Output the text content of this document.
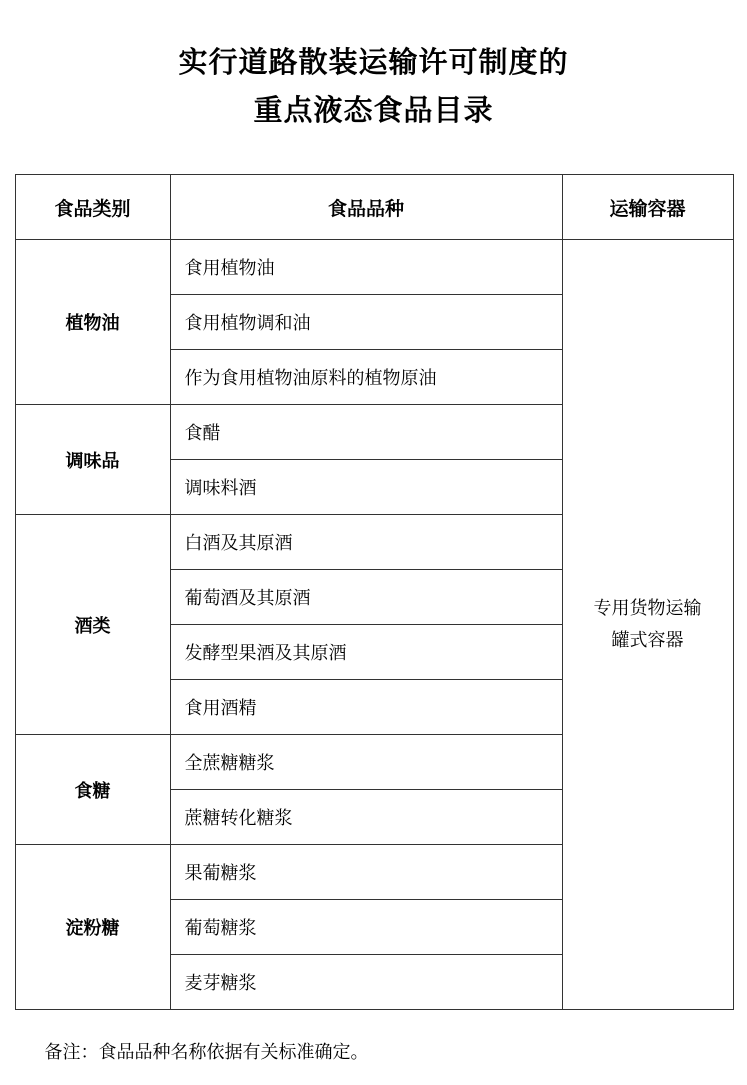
实行道路散装运输许可制度的
重点液态食品目录
食品类别	食品品种	运输容器
植物油	食用植物油	专用货物运输
罐式容器

	食用植物调和油	
	作为食用植物油原料的植物原油	
调味品	食醋	
	调味料酒	
酒类	白酒及其原酒	
	葡萄酒及其原酒	
	发酵型果酒及其原酒	
	食用酒精	
食糖	全蔗糖糖浆	
	蔗糖转化糖浆	
淀粉糖	果葡糖浆	
	葡萄糖浆	
	麦芽糖浆	
备注：食品品种名称依据有关标准确定。
